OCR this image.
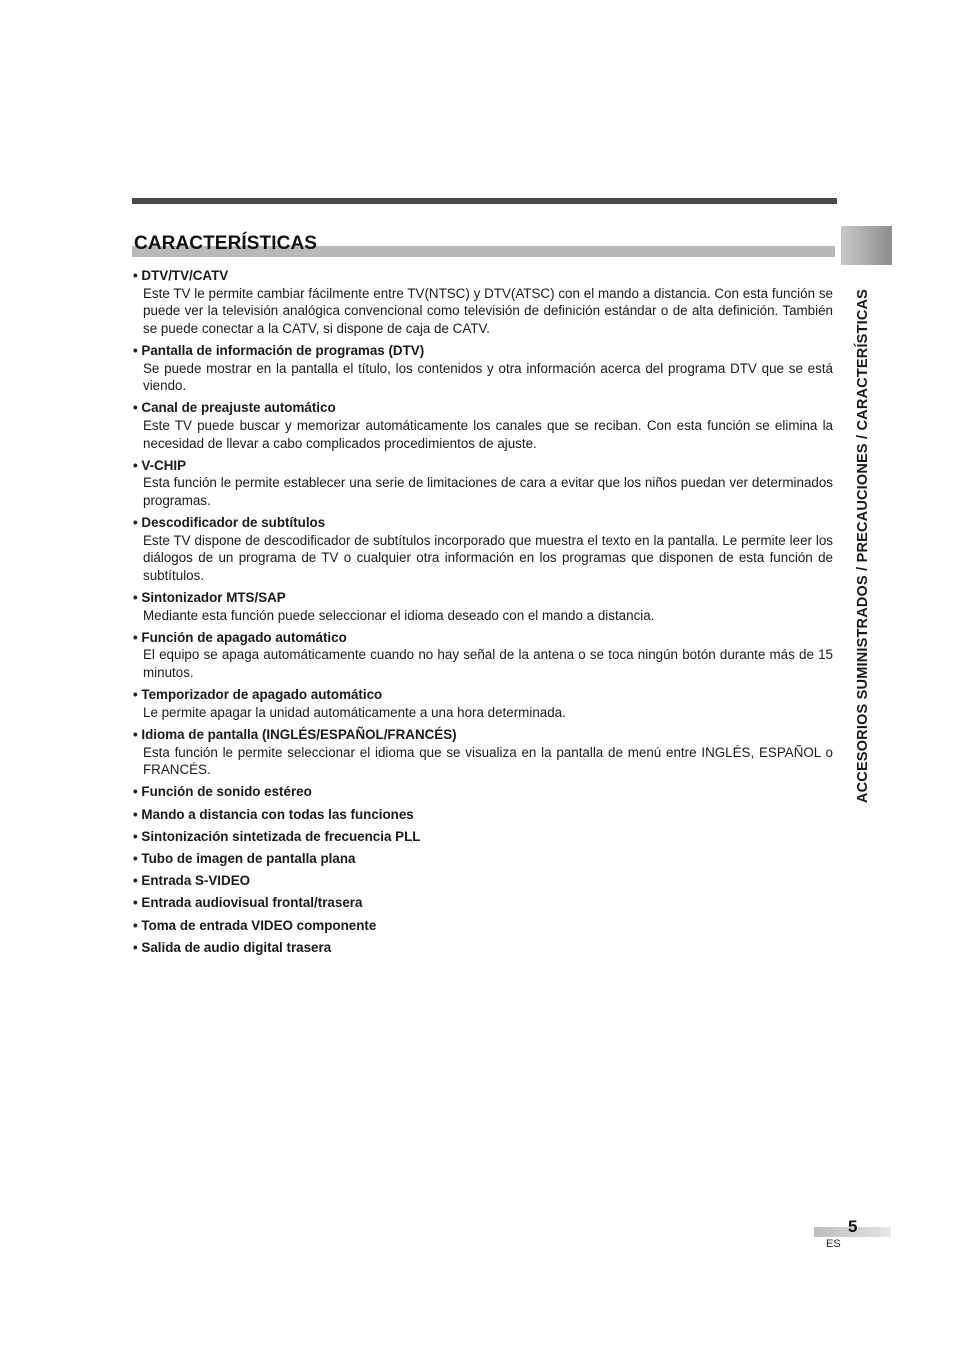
CARACTERÍSTICAS
ACCESORIOS SUMINISTRADOS / PRECAUCIONES / CARACTERÍSTICAS
• DTV/TV/CATV
Este TV le permite cambiar fácilmente entre TV(NTSC) y DTV(ATSC) con el mando a distancia. Con esta función se puede ver la televisión analógica convencional como televisión de definición estándar o de alta definición. También se puede conectar a la CATV, si dispone de caja de CATV.
• Pantalla de información de programas (DTV)
Se puede mostrar en la pantalla el título, los contenidos y otra información acerca del programa DTV que se está viendo.
• Canal de preajuste automático
Este TV puede buscar y memorizar automáticamente los canales que se reciban. Con esta función se elimina la necesidad de llevar a cabo complicados procedimientos de ajuste.
• V-CHIP
Esta función le permite establecer una serie de limitaciones de cara a evitar que los niños puedan ver determinados programas.
• Descodificador de subtítulos
Este TV dispone de descodificador de subtítulos incorporado que muestra el texto en la pantalla. Le permite leer los diálogos de un programa de TV o cualquier otra información en los programas que disponen de esta función de subtítulos.
• Sintonizador MTS/SAP
Mediante esta función puede seleccionar el idioma deseado con el mando a distancia.
• Función de apagado automático
El equipo se apaga automáticamente cuando no hay señal de la antena o se toca ningún botón durante más de 15 minutos.
• Temporizador de apagado automático
Le permite apagar la unidad automáticamente a una hora determinada.
• Idioma de pantalla (INGLÉS/ESPAÑOL/FRANCÉS)
Esta función le permite seleccionar el idioma que se visualiza en la pantalla de menú entre INGLÉS, ESPAÑOL o FRANCÉS.
• Función de sonido estéreo
• Mando a distancia con todas las funciones
• Sintonización sintetizada de frecuencia PLL
• Tubo de imagen de pantalla plana
• Entrada S-VIDEO
• Entrada audiovisual frontal/trasera
• Toma de entrada VIDEO componente
• Salida de audio digital trasera
5
ES
